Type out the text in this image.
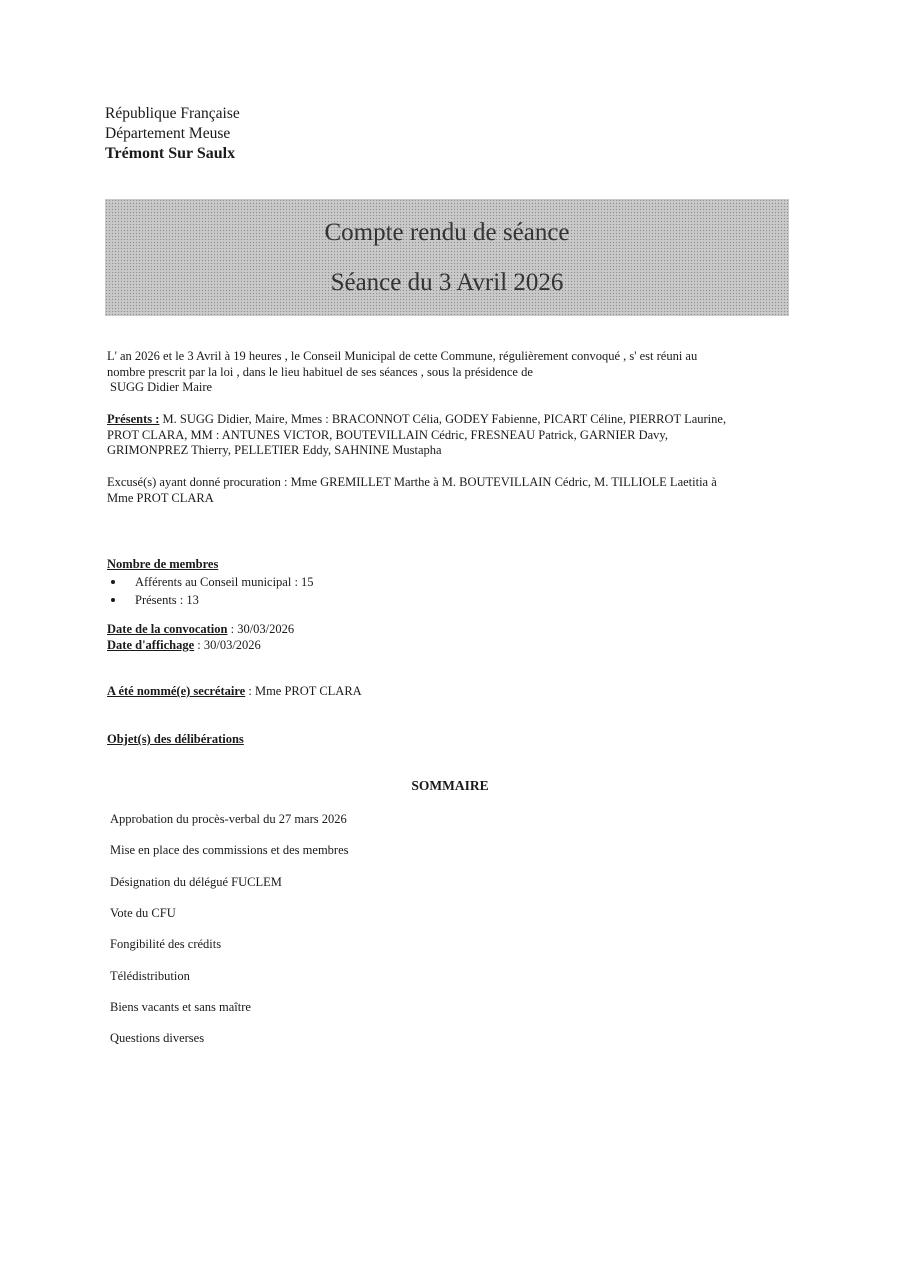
République Française
Département Meuse
Trémont Sur Saulx
Compte rendu de séance
Séance du 3 Avril 2026
L' an 2026 et le 3 Avril à 19 heures , le Conseil Municipal de cette Commune, régulièrement convoqué , s' est réuni au
nombre prescrit par la loi , dans le lieu habituel de ses séances , sous la présidence de
SUGG Didier Maire
Présents : M. SUGG Didier, Maire, Mmes : BRACONNOT Célia, GODEY Fabienne, PICART Céline, PIERROT Laurine,
PROT CLARA, MM : ANTUNES VICTOR, BOUTEVILLAIN Cédric, FRESNEAU Patrick, GARNIER Davy,
GRIMONPREZ Thierry, PELLETIER Eddy, SAHNINE Mustapha
Excusé(s) ayant donné procuration : Mme GREMILLET Marthe à M. BOUTEVILLAIN Cédric, M. TILLIOLE Laetitia à
Mme PROT CLARA
Nombre de membres
Afférents au Conseil municipal : 15
Présents : 13
Date de la convocation : 30/03/2026
Date d'affichage : 30/03/2026
A été nommé(e) secrétaire : Mme PROT CLARA
Objet(s) des délibérations
SOMMAIRE
Approbation du procès-verbal du 27 mars 2026
Mise en place des commissions et des membres
Désignation du délégué FUCLEM
Vote du CFU
Fongibilité des crédits
Télédistribution
Biens vacants et sans maître
Questions diverses
